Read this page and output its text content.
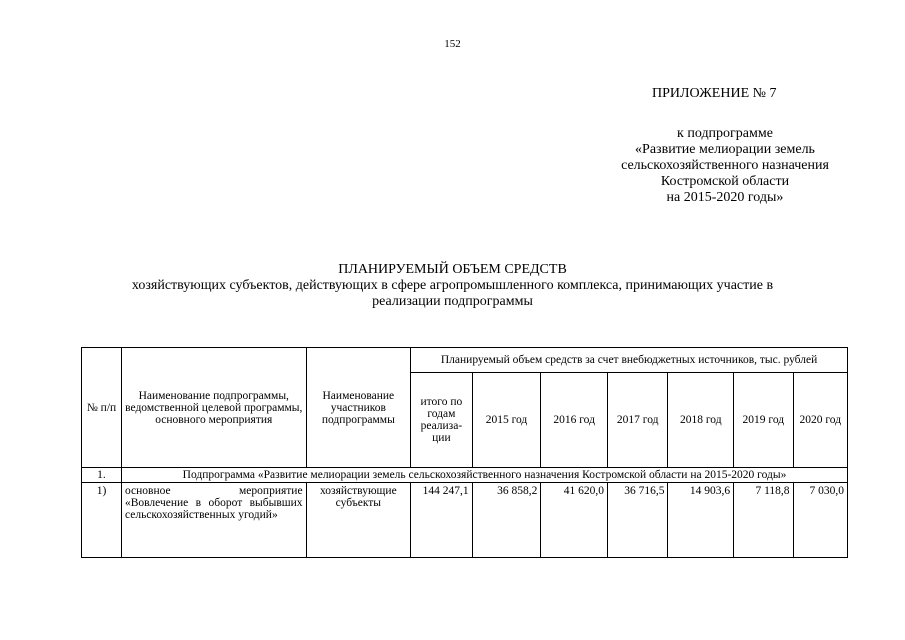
152
ПРИЛОЖЕНИЕ № 7
к подпрограмме
«Развитие мелиорации земель
сельскохозяйственного назначения
Костромской области
на 2015-2020 годы»
ПЛАНИРУЕМЫЙ ОБЪЕМ СРЕДСТВ
хозяйствующих субъектов, действующих в сфере агропромышленного комплекса, принимающих участие в
реализации подпрограммы
№ п/п	Наименование подпрограммы, ведомственной целевой программы, основного мероприятия	Наименование участников подпрограммы	Планируемый объем средств за счет внебюджетных источников, тыс. рублей						
			итого по годам реализа-ции	2015 год	2016 год	2017 год	2018 год	2019 год	2020 год
1.	Подпрограмма «Развитие мелиорации земель сельскохозяйственного назначения Костромской области на 2015-2020 годы»								
1)	основное мероприятие «Вовлечение в оборот выбывших сельскохозяйственных угодий»	хозяйствующие субъекты	144 247,1	36 858,2	41 620,0	36 716,5	14 903,6	7 118,8	7 030,0
